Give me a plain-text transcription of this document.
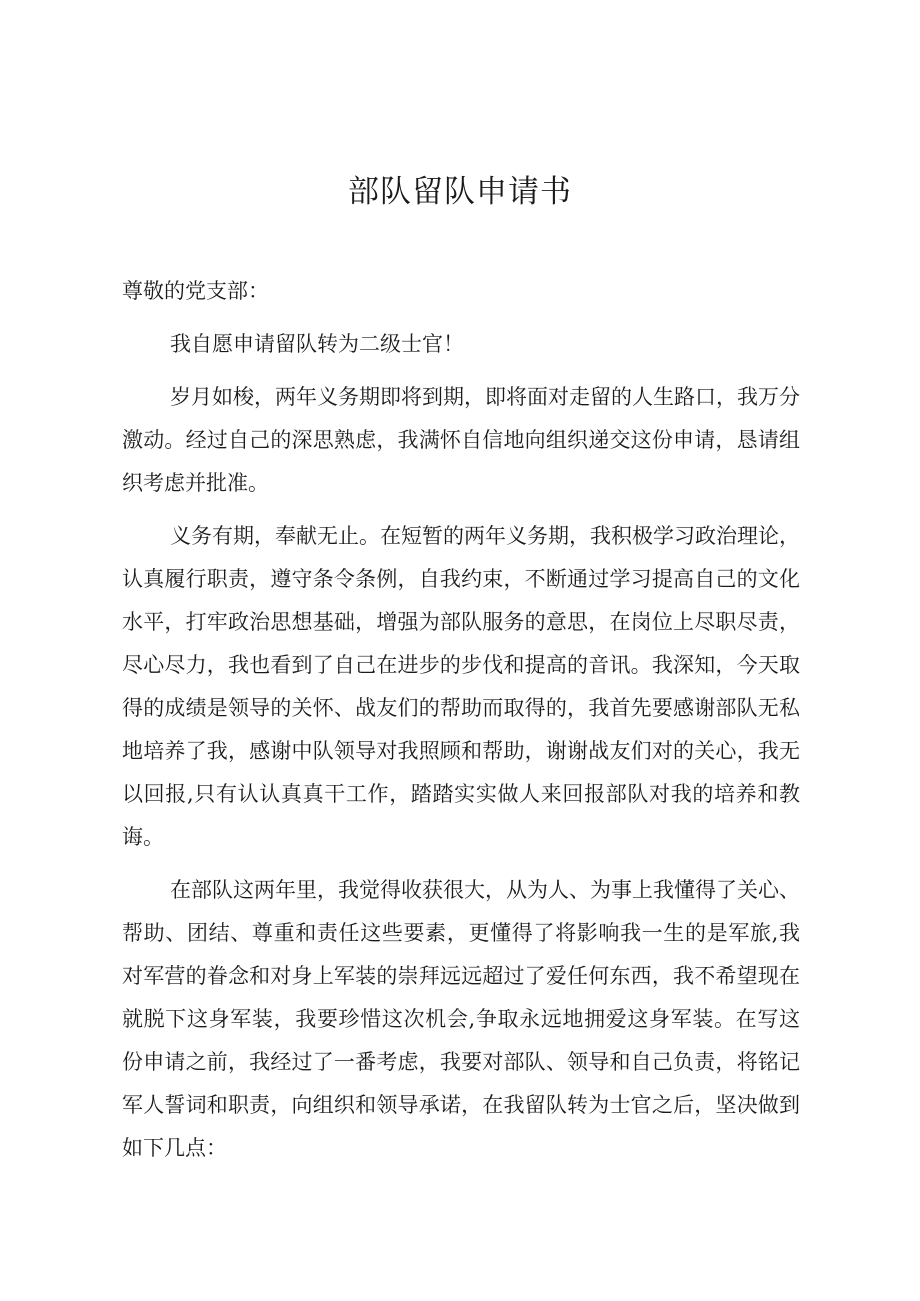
部队留队申请书

尊敬的党支部：

我自愿申请留队转为二级士官！

岁月如梭，两年义务期即将到期，即将面对走留的人生路口，我万分激动。经过自己的深思熟虑，我满怀自信地向组织递交这份申请，恳请组织考虑并批准。

义务有期，奉献无止。在短暂的两年义务期，我积极学习政治理论，认真履行职责，遵守条令条例，自我约束，不断通过学习提高自己的文化水平，打牢政治思想基础，增强为部队服务的意思，在岗位上尽职尽责，尽心尽力，我也看到了自己在进步的步伐和提高的音讯。我深知，今天取得的成绩是领导的关怀、战友们的帮助而取得的，我首先要感谢部队无私地培养了我，感谢中队领导对我照顾和帮助，谢谢战友们对的关心，我无以回报,只有认认真真干工作，踏踏实实做人来回报部队对我的培养和教诲。

在部队这两年里，我觉得收获很大，从为人、为事上我懂得了关心、帮助、团结、尊重和责任这些要素，更懂得了将影响我一生的是军旅,我对军营的眷念和对身上军装的崇拜远远超过了爱任何东西，我不希望现在就脱下这身军装，我要珍惜这次机会,争取永远地拥爱这身军装。在写这份申请之前，我经过了一番考虑，我要对部队、领导和自己负责，将铭记军人誓词和职责，向组织和领导承诺，在我留队转为士官之后，坚决做到如下几点：
